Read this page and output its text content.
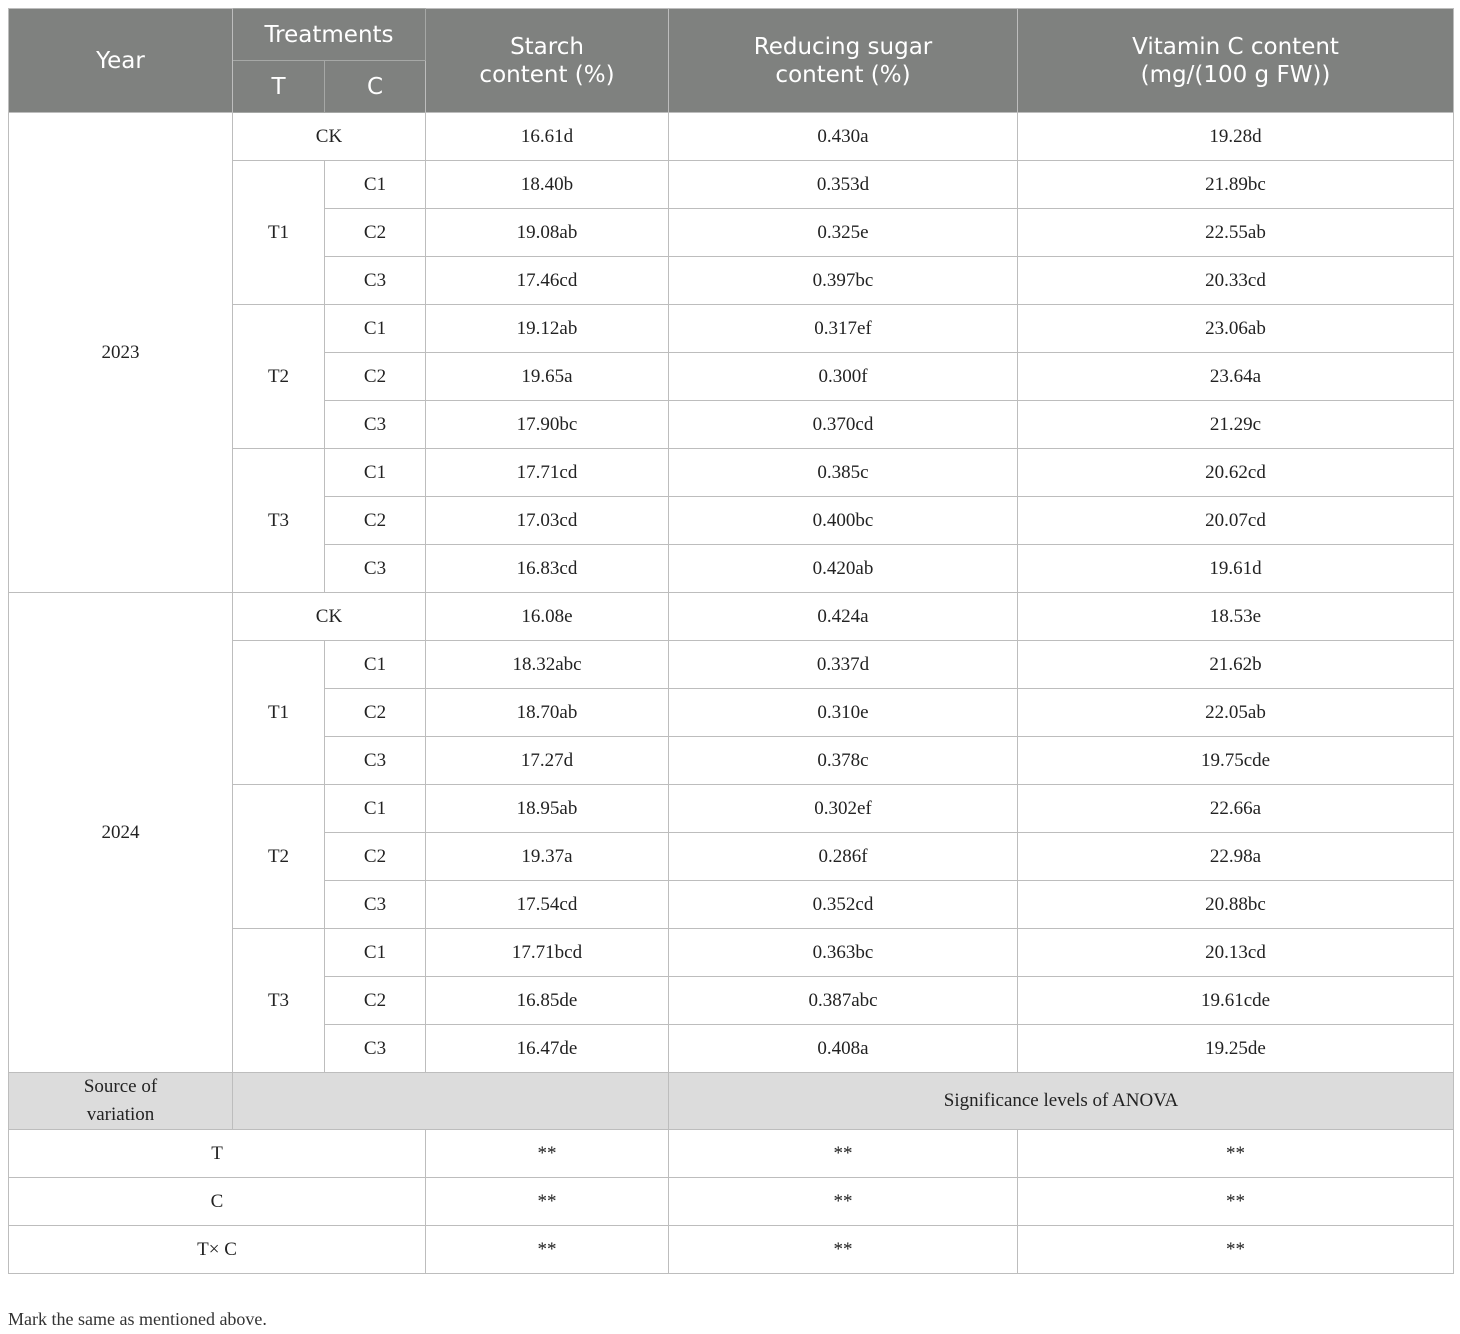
Year	Treatments		Starch content (%)	Reducing sugar content (%)	Vitamin C content (mg/(100 g FW))
	T	C			
2023	CK		16.61d	0.430a	19.28d
	T1	C1	18.40b	0.353d	21.89bc
		C2	19.08ab	0.325e	22.55ab
		C3	17.46cd	0.397bc	20.33cd
	T2	C1	19.12ab	0.317ef	23.06ab
		C2	19.65a	0.300f	23.64a
		C3	17.90bc	0.370cd	21.29c
	T3	C1	17.71cd	0.385c	20.62cd
		C2	17.03cd	0.400bc	20.07cd
		C3	16.83cd	0.420ab	19.61d
2024	CK		16.08e	0.424a	18.53e
	T1	C1	18.32abc	0.337d	21.62b
		C2	18.70ab	0.310e	22.05ab
		C3	17.27d	0.378c	19.75cde
	T2	C1	18.95ab	0.302ef	22.66a
		C2	19.37a	0.286f	22.98a
		C3	17.54cd	0.352cd	20.88bc
	T3	C1	17.71bcd	0.363bc	20.13cd
		C2	16.85de	0.387abc	19.61cde
		C3	16.47de	0.408a	19.25de
Source of variation				Significance levels of ANOVA	
T			**	**	**
C			**	**	**
T× C			**	**	**
Mark the same as mentioned above.
